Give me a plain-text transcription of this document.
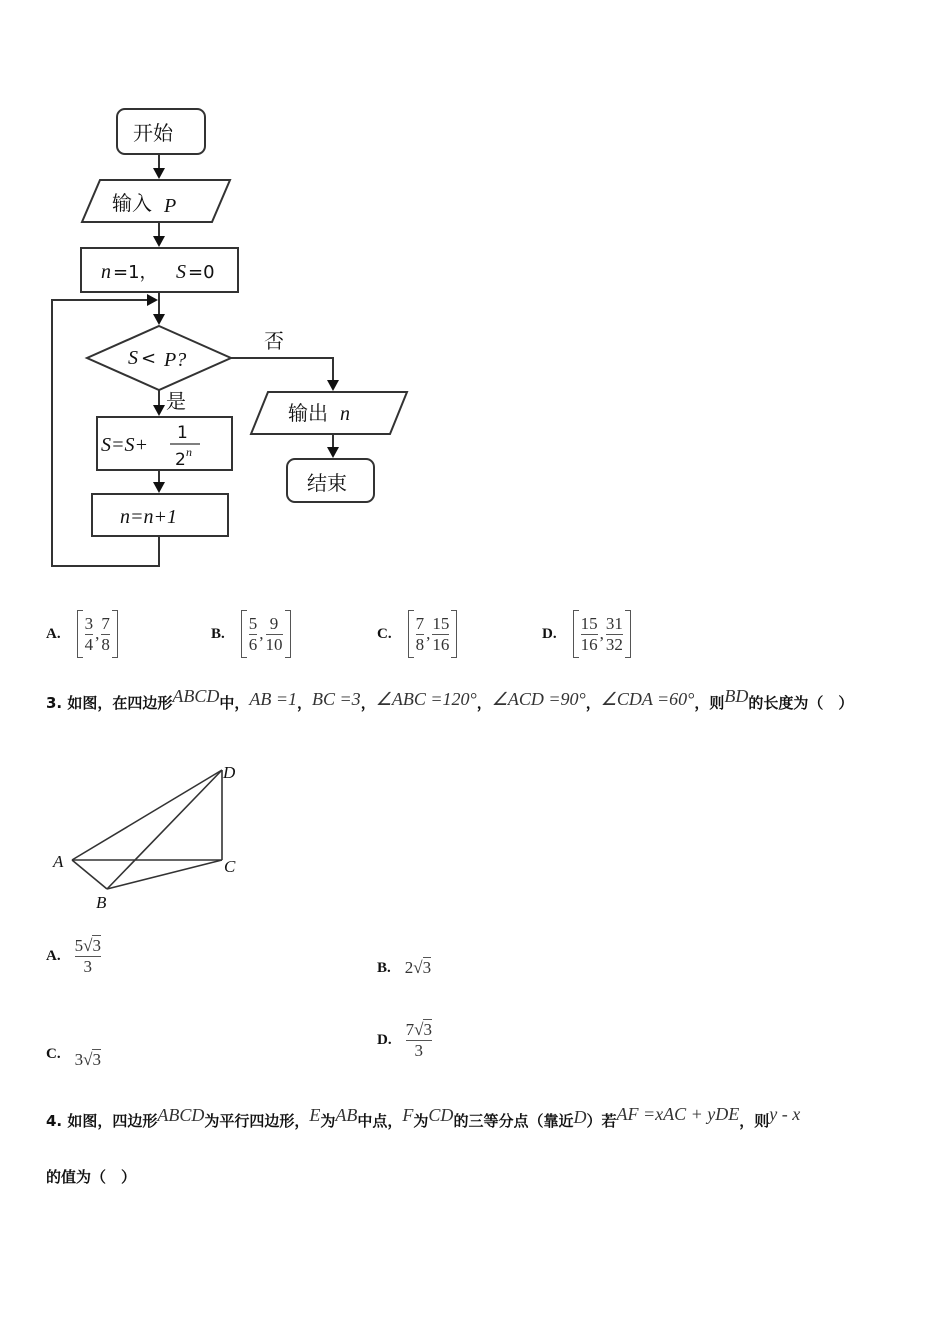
开始
输入 P
n =1， S =0
S < P?
否
是
S=S+
1
2 n
n=n+1
输出 n
结束
A. $\frac{3}{4}$ , $\frac{7}{8}$	B. $\frac{5}{6}$ , $\frac{9}{10}$	C. $\frac{7}{8}$ , $\frac{15}{16}$	D. $\frac{15}{16}$ , $\frac{31}{32}$
3. 如图，在四边形ABCD中，AB =1，BC =3，∠ABC =120°，∠ACD =90°，∠CDA =60°，则BD的长度为（　）
A
B
C
D
A. $\frac{5√3}{3}$	B. 2√3
C. 3√3
D. $\frac{7√3}{3}$
4. 如图，四边形ABCD为平行四边形，E为AB中点，F为CD的三等分点（靠近D）若AF =xAC + yDE，则y - x
的值为（　）
